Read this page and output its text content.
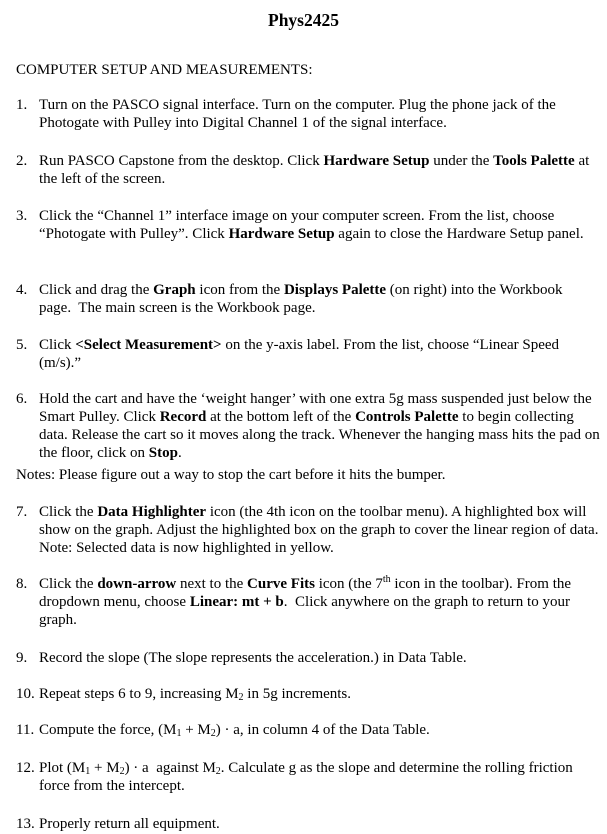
Phys2425
COMPUTER SETUP AND MEASUREMENTS:
1. Turn on the PASCO signal interface. Turn on the computer. Plug the phone jack of the Photogate with Pulley into Digital Channel 1 of the signal interface.
2. Run PASCO Capstone from the desktop. Click Hardware Setup under the Tools Palette at the left of the screen.
3. Click the “Channel 1” interface image on your computer screen. From the list, choose “Photogate with Pulley”. Click Hardware Setup again to close the Hardware Setup panel.
4. Click and drag the Graph icon from the Displays Palette (on right) into the Workbook page.  The main screen is the Workbook page.
5. Click <Select Measurement> on the y-axis label. From the list, choose “Linear Speed (m/s).”
6. Hold the cart and have the ‘weight hanger’ with one extra 5g mass suspended just below the Smart Pulley. Click Record at the bottom left of the Controls Palette to begin collecting data. Release the cart so it moves along the track. Whenever the hanging mass hits the pad on the floor, click on Stop.
7. Click the Data Highlighter icon (the 4th icon on the toolbar menu). A highlighted box will show on the graph. Adjust the highlighted box on the graph to cover the linear region of data. Note: Selected data is now highlighted in yellow.
8. Click the down-arrow next to the Curve Fits icon (the 7th icon in the toolbar). From the dropdown menu, choose Linear: mt + b.  Click anywhere on the graph to return to your graph.
9. Record the slope (The slope represents the acceleration.) in Data Table.
10. Repeat steps 6 to 9, increasing $M_2$ in 5g increments.
11. Compute the force, $(M_1 + M_2) \cdot a$, in column 4 of the Data Table.
12. Plot $(M_1 + M_2) \cdot a$  against $M_2$. Calculate g as the slope and determine the rolling friction force from the intercept.
13. Properly return all equipment.
Notes: Please figure out a way to stop the cart before it hits the bumper.
